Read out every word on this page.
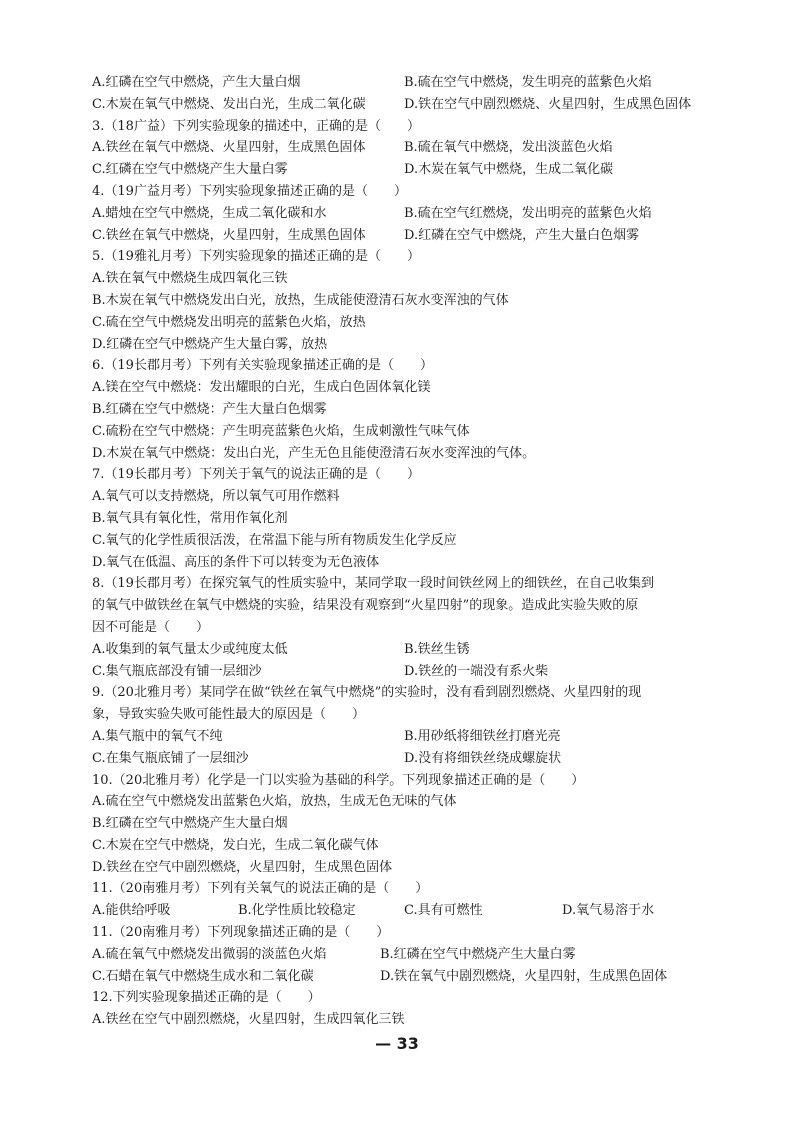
A.红磷在空气中燃烧，产生大量白烟	B.硫在空气中燃烧，发生明亮的蓝紫色火焰
C.木炭在氧气中燃烧、发出白光，生成二氧化碳	D.铁在空气中剧烈燃烧、火星四射，生成黑色固体
3.（18广益）下列实验现象的描述中，正确的是（　　）
A.铁丝在氧气中燃烧、火星四射，生成黑色固体	B.硫在氧气中燃烧，发出淡蓝色火焰
C.红磷在空气中燃烧产生大量白雾	D.木炭在氧气中燃烧，生成二氧化碳
4.（19广益月考）下列实验现象描述正确的是（　　）
A.蜡烛在空气中燃烧，生成二氧化碳和水	B.硫在空气红燃烧，发出明亮的蓝紫色火焰
C.铁丝在氧气中燃烧，火星四射，生成黑色固体	D.红磷在空气中燃烧，产生大量白色烟雾
5.（19雅礼月考）下列实验现象的描述正确的是（　　）
A.铁在氧气中燃烧生成四氧化三铁
B.木炭在氧气中燃烧发出白光，放热，生成能使澄清石灰水变浑浊的气体
C.硫在空气中燃烧发出明亮的蓝紫色火焰，放热
D.红磷在空气中燃烧产生大量白雾，放热
6.（19长郡月考）下列有关实验现象描述正确的是（　　）
A.镁在空气中燃烧：发出耀眼的白光，生成白色固体氧化镁
B.红磷在空气中燃烧：产生大量白色烟雾
C.硫粉在空气中燃烧：产生明亮蓝紫色火焰，生成刺激性气味气体
D.木炭在氧气中燃烧：发出白光，产生无色且能使澄清石灰水变浑浊的气体。
7.（19长郡月考）下列关于氧气的说法正确的是（　　）
A.氧气可以支持燃烧，所以氧气可用作燃料
B.氧气具有氧化性，常用作氧化剂
C.氧气的化学性质很活泼，在常温下能与所有物质发生化学反应
D.氧气在低温、高压的条件下可以转变为无色液体
8.（19长郡月考）在探究氧气的性质实验中，某同学取一段时间铁丝网上的细铁丝，在自己收集到
的氧气中做铁丝在氧气中燃烧的实验，结果没有观察到“火星四射”的现象。造成此实验失败的原
因不可能是（　　）
A.收集到的氧气量太少或纯度太低	B.铁丝生锈
C.集气瓶底部没有铺一层细沙	D.铁丝的一端没有系火柴
9.（20北雅月考）某同学在做“铁丝在氧气中燃烧”的实验时，没有看到剧烈燃烧、火星四射的现
象，导致实验失败可能性最大的原因是（　　）
A.集气瓶中的氧气不纯	B.用砂纸将细铁丝打磨光亮
C.在集气瓶底铺了一层细沙	D.没有将细铁丝绕成螺旋状
10.（20北雅月考）化学是一门以实验为基础的科学。下列现象描述正确的是（　　）
A.硫在空气中燃烧发出蓝紫色火焰，放热，生成无色无味的气体
B.红磷在空气中燃烧产生大量白烟
C.木炭在空气中燃烧，发白光，生成二氧化碳气体
D.铁丝在空气中剧烈燃烧，火星四射，生成黑色固体
11.（20南雅月考）下列有关氧气的说法正确的是（　　）
A.能供给呼吸	B.化学性质比较稳定	C.具有可燃性	D.氧气易溶于水
11.（20南雅月考）下列现象描述正确的是（　　）
A.硫在氧气中燃烧发出微弱的淡蓝色火焰	B.红磷在空气中燃烧产生大量白雾
C.石蜡在氧气中燃烧生成水和二氧化碳	D.铁在氧气中剧烈燃烧，火星四射，生成黑色固体
12.下列实验现象描述正确的是（　　）
A.铁丝在空气中剧烈燃烧，火星四射，生成四氧化三铁
— 33
